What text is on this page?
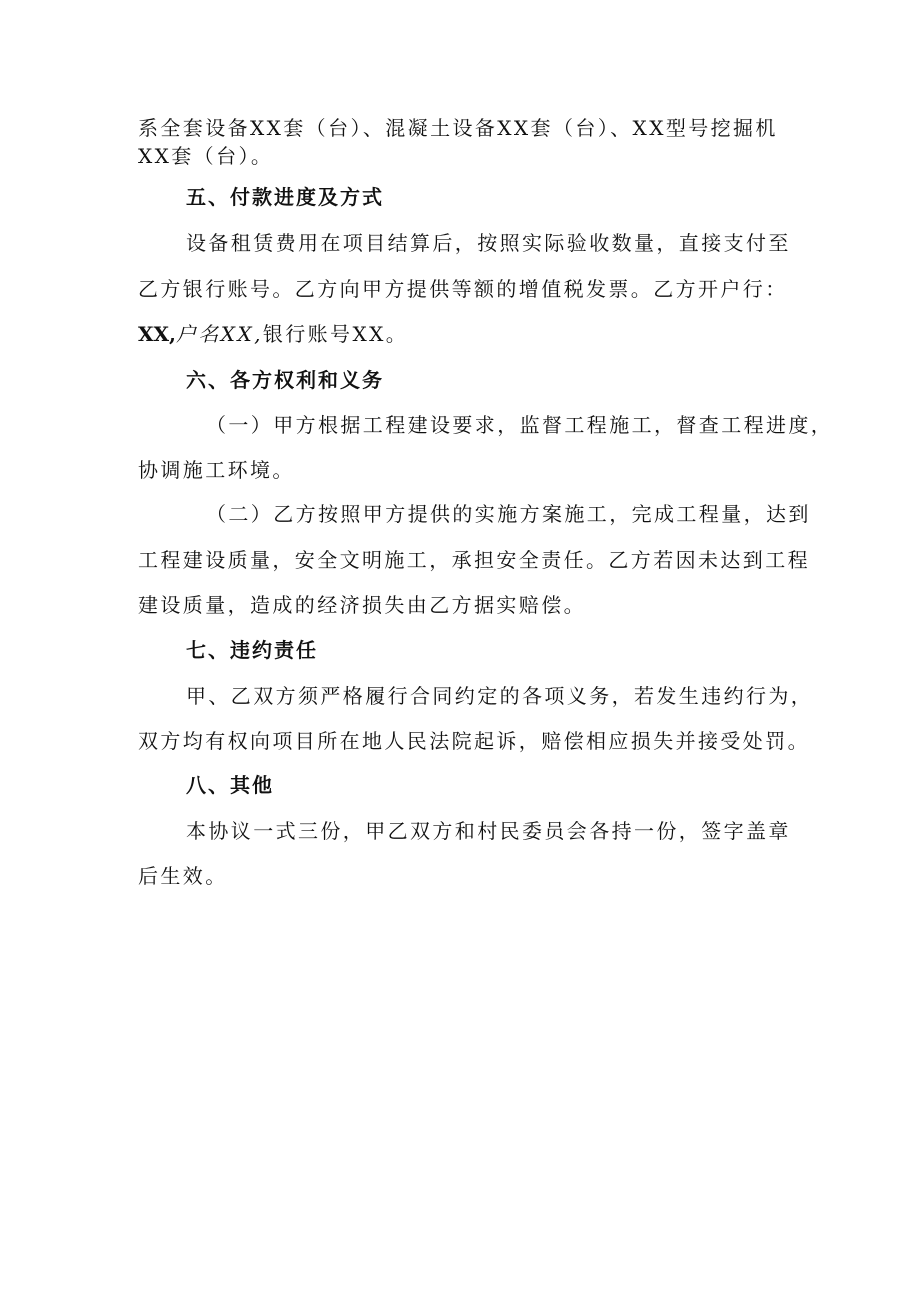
系全套设备XX套（台）、混凝土设备XX套（台）、XX型号挖掘机
XX套（台）。
五、付款进度及方式
设备租赁费用在项目结算后，按照实际验收数量，直接支付至
乙方银行账号。乙方向甲方提供等额的增值税发票。乙方开户行：
XX,户名XX,银行账号XX。
六、各方权利和义务
（一）甲方根据工程建设要求，监督工程施工，督查工程进度，
协调施工环境。
（二）乙方按照甲方提供的实施方案施工，完成工程量，达到
工程建设质量，安全文明施工，承担安全责任。乙方若因未达到工程
建设质量，造成的经济损失由乙方据实赔偿。
七、违约责任
甲、乙双方须严格履行合同约定的各项义务，若发生违约行为，
双方均有权向项目所在地人民法院起诉，赔偿相应损失并接受处罚。
八、其他
本协议一式三份，甲乙双方和村民委员会各持一份，签字盖章
后生效。
